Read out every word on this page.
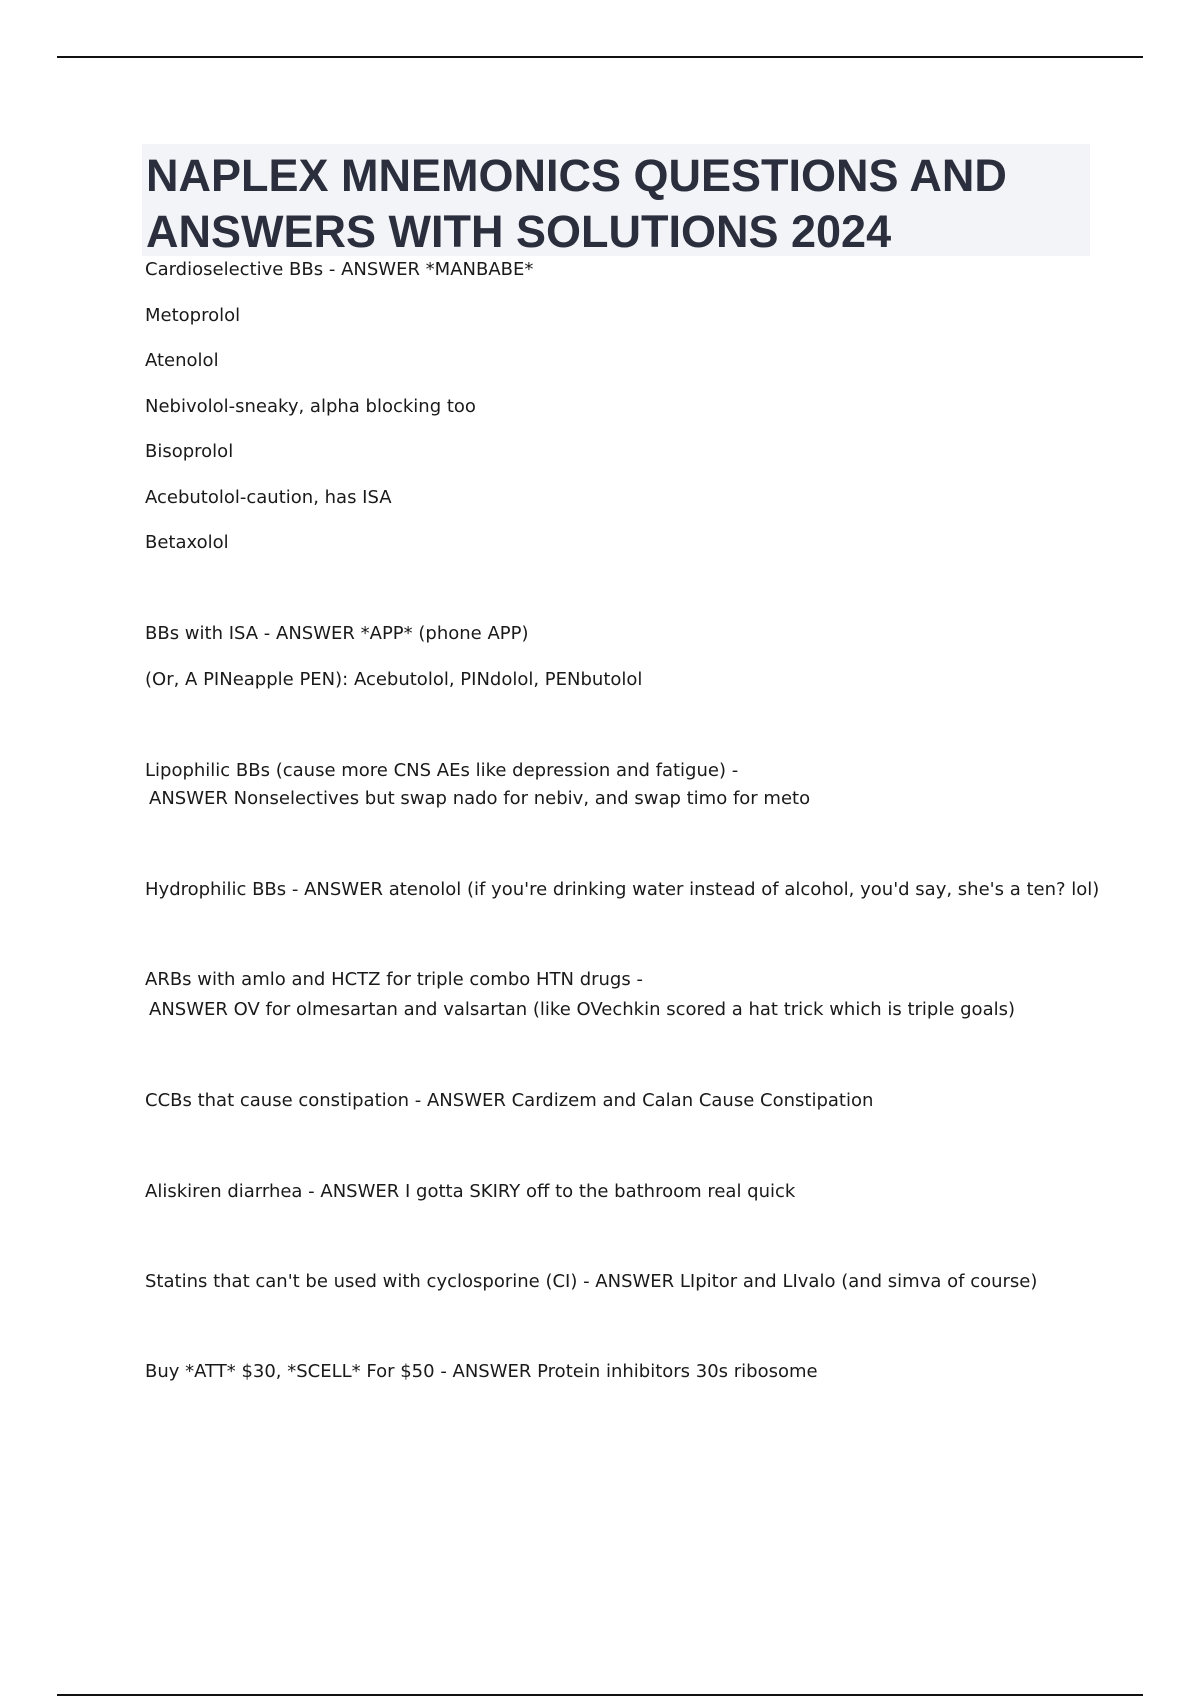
NAPLEX MNEMONICS QUESTIONS AND
ANSWERS WITH SOLUTIONS 2024
Cardioselective BBs - ANSWER *MANBABE*
Metoprolol
Atenolol
Nebivolol-sneaky, alpha blocking too
Bisoprolol
Acebutolol-caution, has ISA
Betaxolol
BBs with ISA - ANSWER *APP* (phone APP)
(Or, A PINeapple PEN): Acebutolol, PINdolol, PENbutolol
Lipophilic BBs (cause more CNS AEs like depression and fatigue) -
ANSWER Nonselectives but swap nado for nebiv, and swap timo for meto
Hydrophilic BBs - ANSWER atenolol (if you're drinking water instead of alcohol, you'd say, she's a ten? lol)
ARBs with amlo and HCTZ for triple combo HTN drugs -
ANSWER OV for olmesartan and valsartan (like OVechkin scored a hat trick which is triple goals)
CCBs that cause constipation - ANSWER Cardizem and Calan Cause Constipation
Aliskiren diarrhea - ANSWER I gotta SKIRY off to the bathroom real quick
Statins that can't be used with cyclosporine (CI) - ANSWER LIpitor and LIvalo (and simva of course)
Buy *ATT* $30, *SCELL* For $50 - ANSWER Protein inhibitors 30s ribosome
